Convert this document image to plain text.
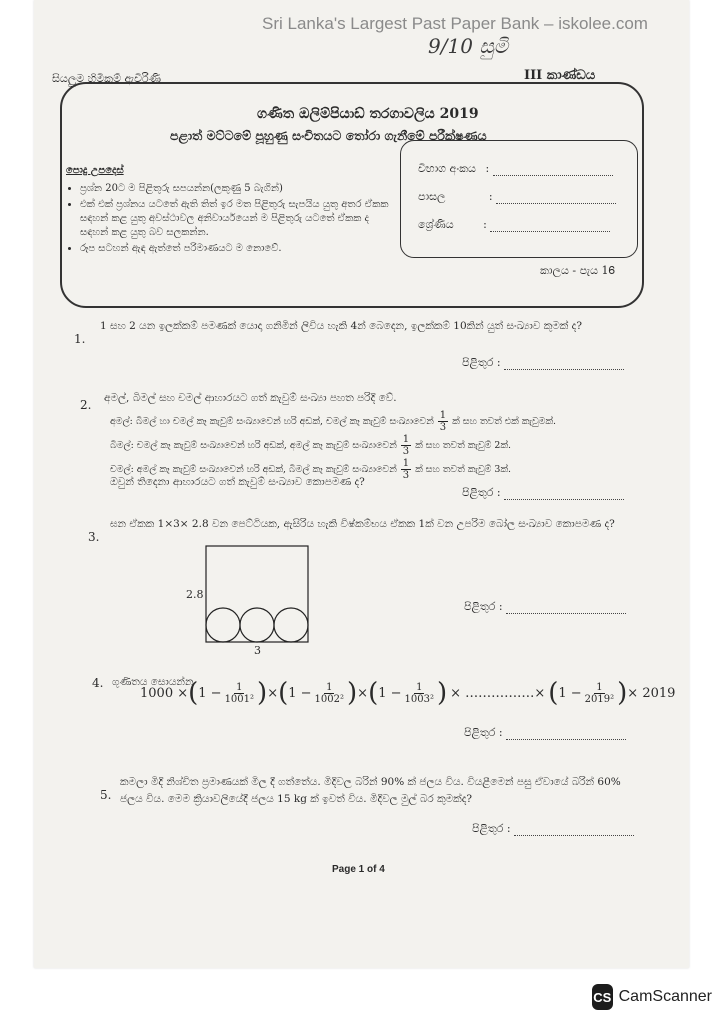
Sri Lanka's Largest Past Paper Bank – iskolee.com
9/10 සුමි
සියලුම හිමිකම් ඇවිරිණි	III කාණ්ඩය
ගණිත ඔලිම්පියාඩ් තරගාවලිය 2019
පළාත් මට්ටමේ පූහුණු සංචිතයට තෝරා ගැනීමේ පරීක්ෂණය
පොදු උපදෙස්
• ප්‍රශ්න 20ට ම පිළිතුරු සපයන්න(ලකුණු 5 බැගින්)
• එක් එක් ප්‍රශ්නය යටතේ ඇති තිත් ඉර මත පිළිතුරු සැපයිය යුතු අතර ඒකක සඳහන් කළ යුතු අවස්ථාවල අනිවාර්යයෙන් ම පිළිතුරු යටතේ ඒකක ද සඳහන් කළ යුතු බව සලකන්න.
• රූප සටහන් ඇඳ ඇත්තේ පරිමාණයට ම නොවේ.
විභාග අංකය :
පාසල	:
ශ්‍රේණිය	:
කාලය - පැය 1Ꮾ
1.
1 සහ 2 යන ඉලක්කම් පමණක් යොදා ගනිමින් ලිවිය හැකි 4න් බෙදෙන, ඉලක්කම් 10කින් යුත් සංඛ්‍යාව කුමක් ද?
පිළිතුර :
2. අමල්, බිමල් සහ චමල් ආහාරයට ගත් කැවුම් සංඛ්‍යා පහත පරිදි වේ.
අමල්: බිමල් හා චමල් කෑ කැවුම් සංඛ්‍යාවෙන් හරි අඩක්, චමල් කෑ කැවුම් සංඛ්‍යාවෙන් $\frac{1}{3}$ ක් සහ තවත් එක් කැවුමක්.
බිමල්: චමල් කෑ කැවුම් සංඛ්‍යාවෙන් හරි අඩක්, අමල් කෑ කැවුම් සංඛ්‍යාවෙන් $\frac{1}{3}$ ක් සහ තවත් කැවුම් 2ක්.
චමල්: අමල් කෑ කැවුම් සංඛ්‍යාවෙන් හරි අඩක්, බිමල් කෑ කැවුම් සංඛ්‍යාවෙන් $\frac{1}{3}$ ක් සහ තවත් කැවුම් 3ක්.
ඔවුන් තිදෙනා ආහාරයට ගත් කැවුම් සංඛ්‍යාව කොපමණ ද?
පිළිතුර :
3.
ඝන ඒකක 1×3× 2.8 වන පෙට්ටියක, ඇසිරිය හැකි විෂ්කම්භය ඒකක 1ක් වන උපරිම බෝල සංඛ්‍යාව කොපමණ ද?
2.8
3
පිළිතුර :
4. ගුණිතය සොයන්න
1000 × ( $1 - \frac{1}{\text{1001²}}$ ) × ( $1 - \frac{1}{\text{1002²}}$ ) × ( $1 - \frac{1}{\text{1003²}}$ ) × ………….…× ( $1 - \frac{1}{\text{2019²}}$ ) × 2019
පිළිතුර :
5.
කමලා මිදි නිශ්චිත ප්‍රමාණයක් මිල දී ගත්තේය. මිදිවල බරින් 90% ක් ජලය විය. වියළීමෙන් පසු ඒවායේ බරින් 60% ජලය විය. මෙම ක්‍රියාවලියේදී ජලය 15 kg ක් ඉවත් විය. මිදිවල මුල් බර කුමක්ද?
පිළිතුර :
Page 1 of 4
CS CamScanner
